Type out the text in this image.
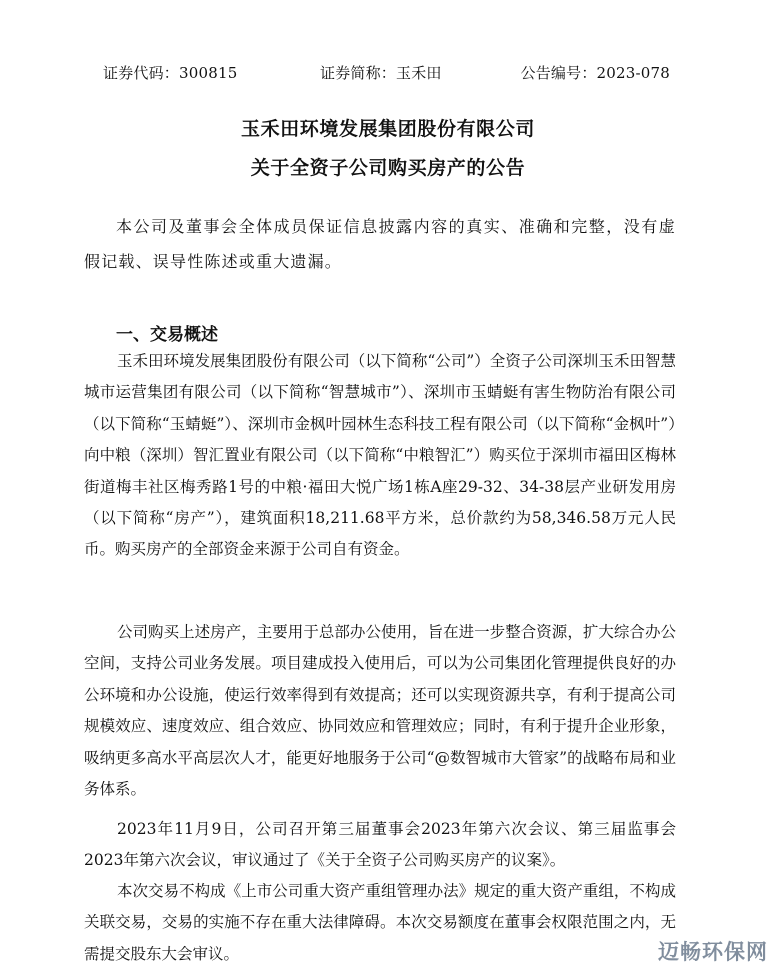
证券代码：300815	证券简称：玉禾田	公告编号：2023-078
玉禾田环境发展集团股份有限公司
关于全资子公司购买房产的公告
本公司及董事会全体成员保证信息披露内容的真实、准确和完整，没有虚假记载、误导性陈述或重大遗漏。
一、交易概述
玉禾田环境发展集团股份有限公司（以下简称“公司”）全资子公司深圳玉禾田智慧城市运营集团有限公司（以下简称“智慧城市”）、深圳市玉蜻蜓有害生物防治有限公司（以下简称“玉蜻蜓”）、深圳市金枫叶园林生态科技工程有限公司（以下简称“金枫叶”）向中粮（深圳）智汇置业有限公司（以下简称“中粮智汇”）购买位于深圳市福田区梅林街道梅丰社区梅秀路1号的中粮·福田大悦广场1栋A座29-32、34-38层产业研发用房（以下简称“房产”），建筑面积18,211.68平方米，总价款约为58,346.58万元人民币。购买房产的全部资金来源于公司自有资金。
公司购买上述房产，主要用于总部办公使用，旨在进一步整合资源，扩大综合办公空间，支持公司业务发展。项目建成投入使用后，可以为公司集团化管理提供良好的办公环境和办公设施，使运行效率得到有效提高；还可以实现资源共享，有利于提高公司规模效应、速度效应、组合效应、协同效应和管理效应；同时，有利于提升企业形象，吸纳更多高水平高层次人才，能更好地服务于公司“@数智城市大管家”的战略布局和业务体系。
2023年11月9日，公司召开第三届董事会2023年第六次会议、第三届监事会2023年第六次会议，审议通过了《关于全资子公司购买房产的议案》。
本次交易不构成《上市公司重大资产重组管理办法》规定的重大资产重组，不构成关联交易，交易的实施不存在重大法律障碍。本次交易额度在董事会权限范围之内，无需提交股东大会审议。	迈畅环保网
